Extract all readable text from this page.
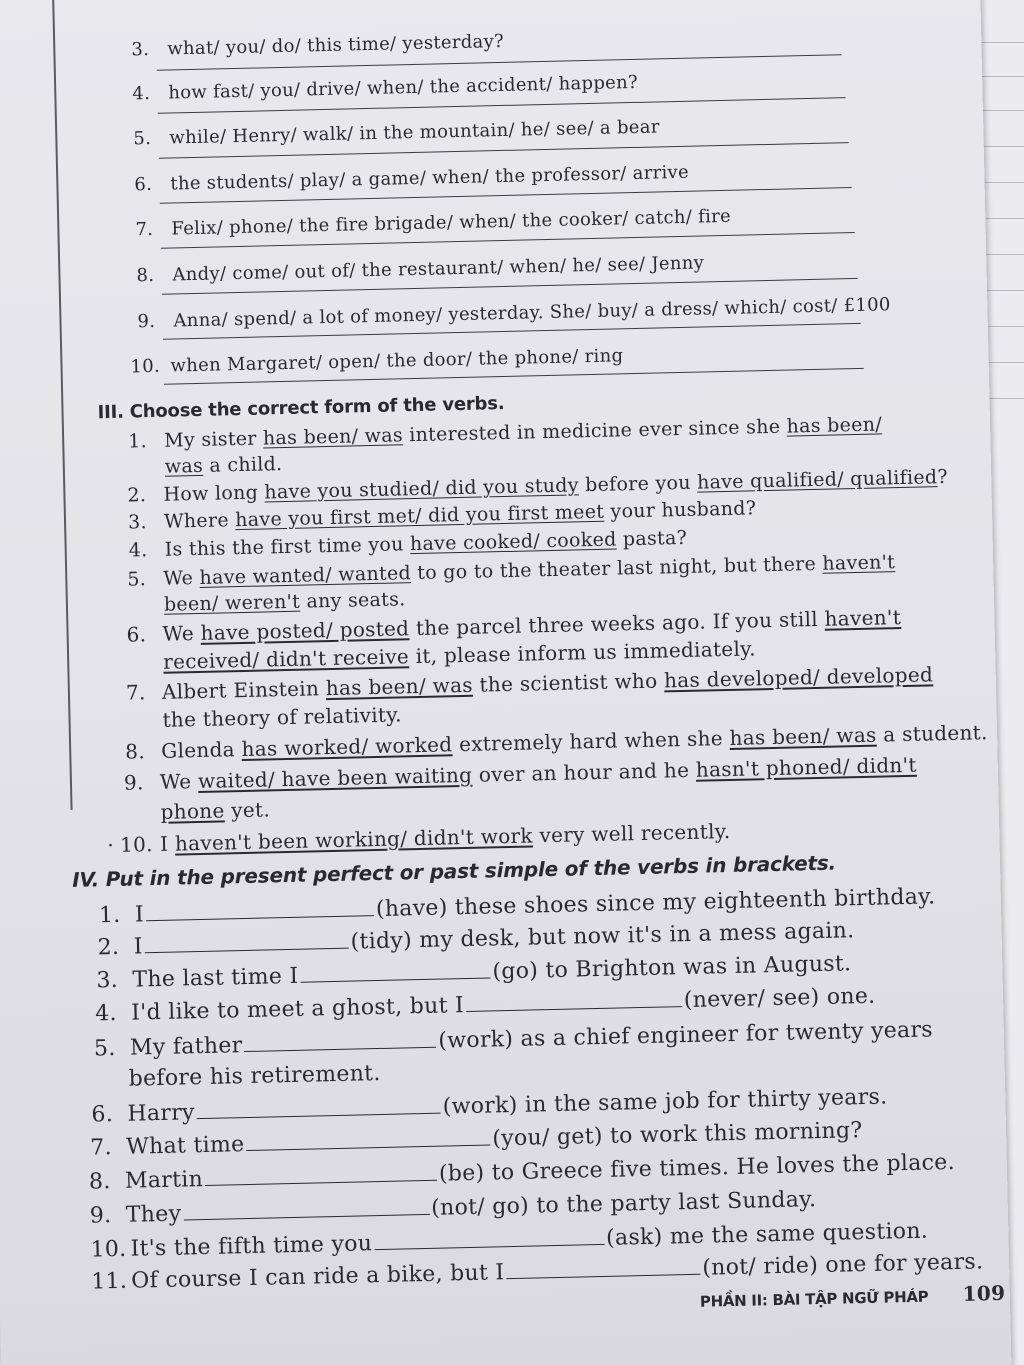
3. what/ you/ do/ this time/ yesterday?
4. how fast/ you/ drive/ when/ the accident/ happen?
5. while/ Henry/ walk/ in the mountain/ he/ see/ a bear
6. the students/ play/ a game/ when/ the professor/ arrive
7. Felix/ phone/ the fire brigade/ when/ the cooker/ catch/ fire
8. Andy/ come/ out of/ the restaurant/ when/ he/ see/ Jenny
9. Anna/ spend/ a lot of money/ yesterday. She/ buy/ a dress/ which/ cost/ £100
10. when Margaret/ open/ the door/ the phone/ ring
III. Choose the correct form of the verbs.
1. My sister has been/ was interested in medicine ever since she has been/
was a child.
2. How long have you studied/ did you study before you have qualified/ qualified?
3. Where have you first met/ did you first meet your husband?
4. Is this the first time you have cooked/ cooked pasta?
5. We have wanted/ wanted to go to the theater last night, but there haven't
been/ weren't any seats.
6. We have posted/ posted the parcel three weeks ago. If you still haven't
received/ didn't receive it, please inform us immediately.
7. Albert Einstein has been/ was the scientist who has developed/ developed
the theory of relativity.
8. Glenda has worked/ worked extremely hard when she has been/ was a student.
9. We waited/ have been waiting over an hour and he hasn't phoned/ didn't
phone yet.
· 10. I haven't been working/ didn't work very well recently.
IV. Put in the present perfect or past simple of the verbs in brackets.
1. I	(have) these shoes since my eighteenth birthday.
2. I	(tidy) my desk, but now it's in a mess again.
3. The last time I	(go) to Brighton was in August.
4. I'd like to meet a ghost, but I	(never/ see) one.
5. My father	(work) as a chief engineer for twenty years
before his retirement.
6. Harry	(work) in the same job for thirty years.
7. What time	(you/ get) to work this morning?
8. Martin	(be) to Greece five times. He loves the place.
9. They	(not/ go) to the party last Sunday.
10. It's the fifth time you	(ask) me the same question.
11. Of course I can ride a bike, but I	(not/ ride) one for years.
PHẦN II: BÀI TẬP NGỮ PHÁP 109
